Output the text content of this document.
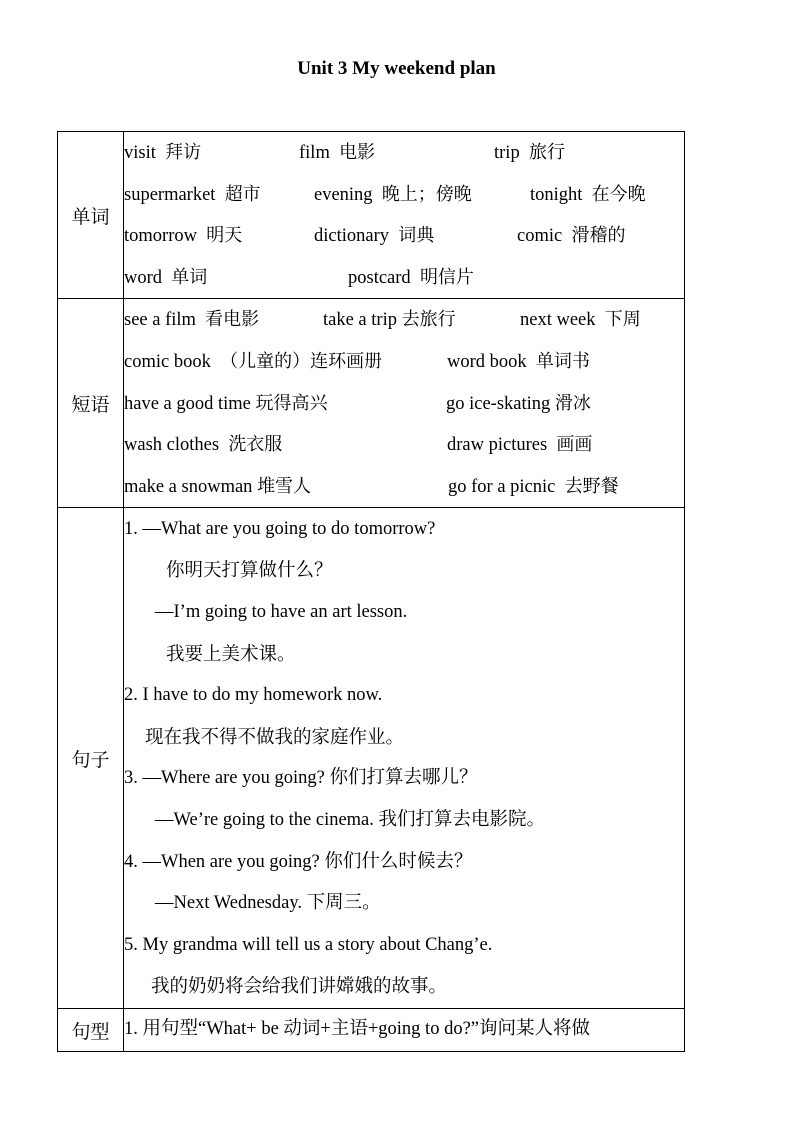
Unit 3 My weekend plan
单词	
visit 拜访	film 电影	trip 旅行
supermarket 超市	evening 晚上；傍晚	tonight 在今晚
tomorrow 明天	dictionary 词典	comic 滑稽的
word 单词	postcard 明信片

短语	
see a film 看电影	take a trip 去旅行	next week 下周
comic book （儿童的）连环画册	word book 单词书
have a good time 玩得高兴	go ice-skating 滑冰
wash clothes 洗衣服	draw pictures 画画
make a snowman 堆雪人	go for a picnic 去野餐

句子	
1. —What are you going to do tomorrow?
你明天打算做什么？
—I’m going to have an art lesson.
我要上美术课。
2. I have to do my homework now.
现在我不得不做我的家庭作业。
3. —Where are you going? 你们打算去哪儿？
—We’re going to the cinema. 我们打算去电影院。
4. —When are you going? 你们什么时候去？
—Next Wednesday. 下周三。
5. My grandma will tell us a story about Chang’e.
我的奶奶将会给我们讲嫦娥的故事。

句型	1. 用句型“What+ be 动词+主语+going to do?”询问某人将做
